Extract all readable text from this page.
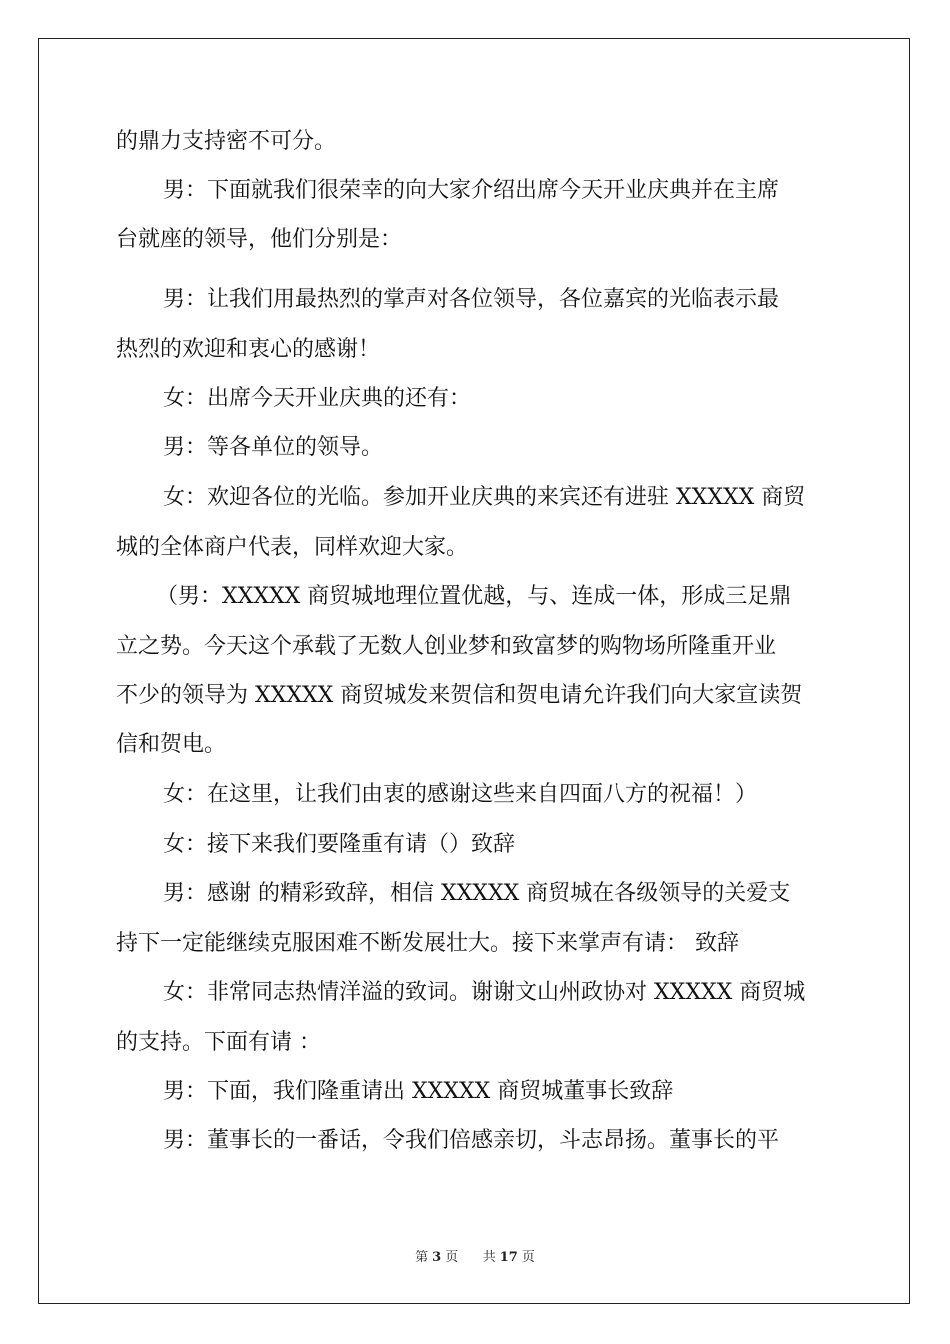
的鼎力支持密不可分。
男：下面就我们很荣幸的向大家介绍出席今天开业庆典并在主席
台就座的领导，他们分别是：
男：让我们用最热烈的掌声对各位领导，各位嘉宾的光临表示最
热烈的欢迎和衷心的感谢！
女：出席今天开业庆典的还有：
男：等各单位的领导。
女：欢迎各位的光临。参加开业庆典的来宾还有进驻 XXXXX 商贸
城的全体商户代表，同样欢迎大家。
（男：XXXXX 商贸城地理位置优越，与、连成一体，形成三足鼎
立之势。今天这个承载了无数人创业梦和致富梦的购物场所隆重开业
不少的领导为 XXXXX 商贸城发来贺信和贺电请允许我们向大家宣读贺
信和贺电。
女：在这里，让我们由衷的感谢这些来自四面八方的祝福！）
女：接下来我们要隆重有请（）致辞
男：感谢 的精彩致辞，相信 XXXXX 商贸城在各级领导的关爱支
持下一定能继续克服困难不断发展壮大。接下来掌声有请： 致辞
女：非常同志热情洋溢的致词。谢谢文山州政协对 XXXXX 商贸城
的支持。下面有请 ：
男：下面，我们隆重请出 XXXXX 商贸城董事长致辞
男：董事长的一番话，令我们倍感亲切，斗志昂扬。董事长的平
第 3 页 共 17 页
